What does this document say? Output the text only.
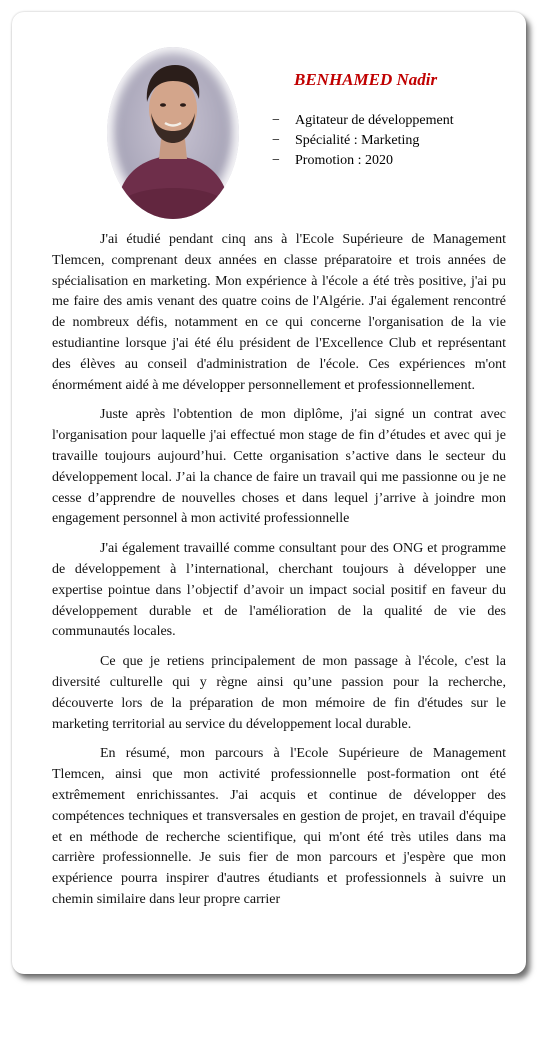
BENHAMED Nadir

− Agitateur de développement
− Spécialité : Marketing
− Promotion : 2020

J'ai étudié pendant cinq ans à l'Ecole Supérieure de Management Tlemcen, comprenant deux années en classe préparatoire et trois années de spécialisation en marketing. Mon expérience à l'école a été très positive, j'ai pu me faire des amis venant des quatre coins de l'Algérie. J'ai également rencontré de nombreux défis, notamment en ce qui concerne l'organisation de la vie estudiantine lorsque j'ai été élu président de l'Excellence Club et représentant des élèves au conseil d'administration de l'école. Ces expériences m'ont énormément aidé à me développer personnellement et professionnellement.

Juste après l'obtention de mon diplôme, j'ai signé un contrat avec l'organisation pour laquelle j'ai effectué mon stage de fin d’études et avec qui je travaille toujours aujourd’hui. Cette organisation s’active dans le secteur du développement local. J’ai la chance de faire un travail qui me passionne ou je ne cesse d’apprendre de nouvelles choses et dans lequel j’arrive à joindre mon engagement personnel à mon activité professionnelle

J'ai également travaillé comme consultant pour des ONG et programme de développement à l’international, cherchant toujours à développer une expertise pointue dans l’objectif d’avoir un impact social positif en faveur du développement durable et de l'amélioration de la qualité de vie des communautés locales.

Ce que je retiens principalement de mon passage à l'école, c'est la diversité culturelle qui y règne ainsi qu’une passion pour la recherche, découverte lors de la préparation de mon mémoire de fin d'études sur le marketing territorial au service du développement local durable.

En résumé, mon parcours à l'Ecole Supérieure de Management Tlemcen, ainsi que mon activité professionnelle post-formation ont été extrêmement enrichissantes. J'ai acquis et continue de développer des compétences techniques et transversales en gestion de projet, en travail d'équipe et en méthode de recherche scientifique, qui m'ont été très utiles dans ma carrière professionnelle. Je suis fier de mon parcours et j'espère que mon expérience pourra inspirer d'autres étudiants et professionnels à suivre un chemin similaire dans leur propre carrier
